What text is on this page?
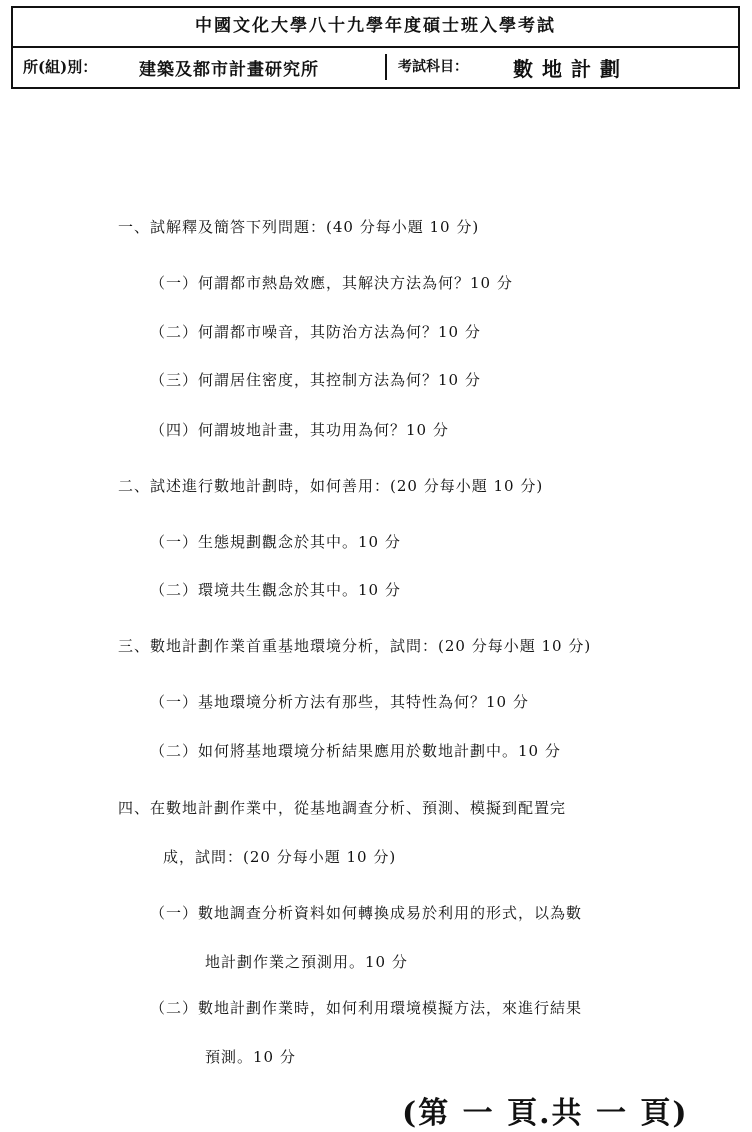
中國文化大學八十九學年度碩士班入學考試
所(組)別： 建築及都市計畫研究所	考試科目： 數地計劃
一、試解釋及簡答下列問題：(40 分每小題 10 分)
（一）何謂都市熱島效應，其解決方法為何？10 分
（二）何謂都市噪音，其防治方法為何？10 分
（三）何謂居住密度，其控制方法為何？10 分
（四）何謂坡地計畫，其功用為何？10 分
二、試述進行數地計劃時，如何善用：(20 分每小題 10 分)
（一）生態規劃觀念於其中。10 分
（二）環境共生觀念於其中。10 分
三、數地計劃作業首重基地環境分析，試問：(20 分每小題 10 分)
（一）基地環境分析方法有那些，其特性為何？10 分
（二）如何將基地環境分析結果應用於數地計劃中。10 分
四、在數地計劃作業中，從基地調查分析、預測、模擬到配置完
成，試問：(20 分每小題 10 分)
（一）數地調查分析資料如何轉換成易於利用的形式，以為數
地計劃作業之預測用。10 分
（二）數地計劃作業時，如何利用環境模擬方法，來進行結果
預測。10 分
(第 一 頁.共 一 頁)
